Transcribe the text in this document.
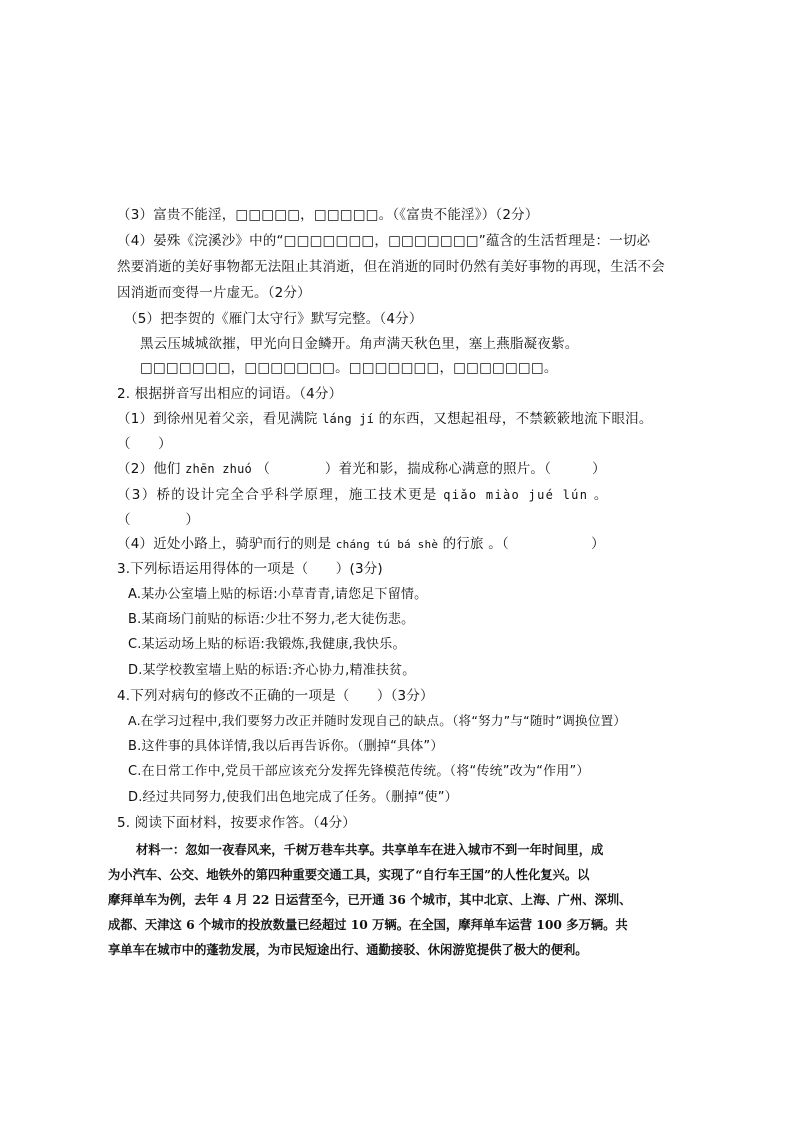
（3）富贵不能淫，□□□□□，□□□□□。（《富贵不能淫》）（2分）
（4）晏殊《浣溪沙》中的“□□□□□□□，□□□□□□□”蕴含的生活哲理是：一切必
然要消逝的美好事物都无法阻止其消逝，但在消逝的同时仍然有美好事物的再现，生活不会
因消逝而变得一片虚无。（2分）
（5）把李贺的《雁门太守行》默写完整。（4分）
黑云压城城欲摧，甲光向日金鳞开。角声满天秋色里，塞上燕脂凝夜紫。
□□□□□□□，□□□□□□□。□□□□□□□，□□□□□□□。
2. 根据拼音写出相应的词语。（4分）
（1）到徐州见着父亲，看见满院 láng jí 的东西，又想起祖母，不禁簌簌地流下眼泪。
（　　）
（2）他们 zhēn zhuó （　　　　）着光和影，揣成称心满意的照片。（　　　）
（3）桥的设计完全合乎科学原理，施工技术更是 qiǎo miào jué lún 。
（　　　　）
（4）近处小路上，骑驴而行的则是 cháng tú bá shè 的行旅 。（　　　　　　）
3.下列标语运用得体的一项是（　　）(3分)
A.某办公室墙上贴的标语:小草青青,请您足下留情。
B.某商场门前贴的标语:少壮不努力,老大徒伤悲。
C.某运动场上贴的标语:我锻炼,我健康,我快乐。
D.某学校教室墙上贴的标语:齐心协力,精准扶贫。
4.下列对病句的修改不正确的一项是（　　）（3分）
A.在学习过程中,我们要努力改正并随时发现自己的缺点。（将“努力”与“随时”调换位置）
B.这件事的具体详情,我以后再告诉你。（删掉“具体”）
C.在日常工作中,党员干部应该充分发挥先锋模范传统。（将“传统”改为“作用”）
D.经过共同努力,使我们出色地完成了任务。（删掉“使”）
5. 阅读下面材料，按要求作答。（4分）
材料一：忽如一夜春风来，千树万巷车共享。共享单车在进入城市不到一年时间里，成
为小汽车、公交、地铁外的第四种重要交通工具，实现了“自行车王国”的人性化复兴。以
摩拜单车为例，去年 4 月 22 日运营至今，已开通 36 个城市，其中北京、上海、广州、深圳、
成都、天津这 6 个城市的投放数量已经超过 10 万辆。在全国，摩拜单车运营 100 多万辆。共
享单车在城市中的蓬勃发展，为市民短途出行、通勤接驳、休闲游览提供了极大的便利。
